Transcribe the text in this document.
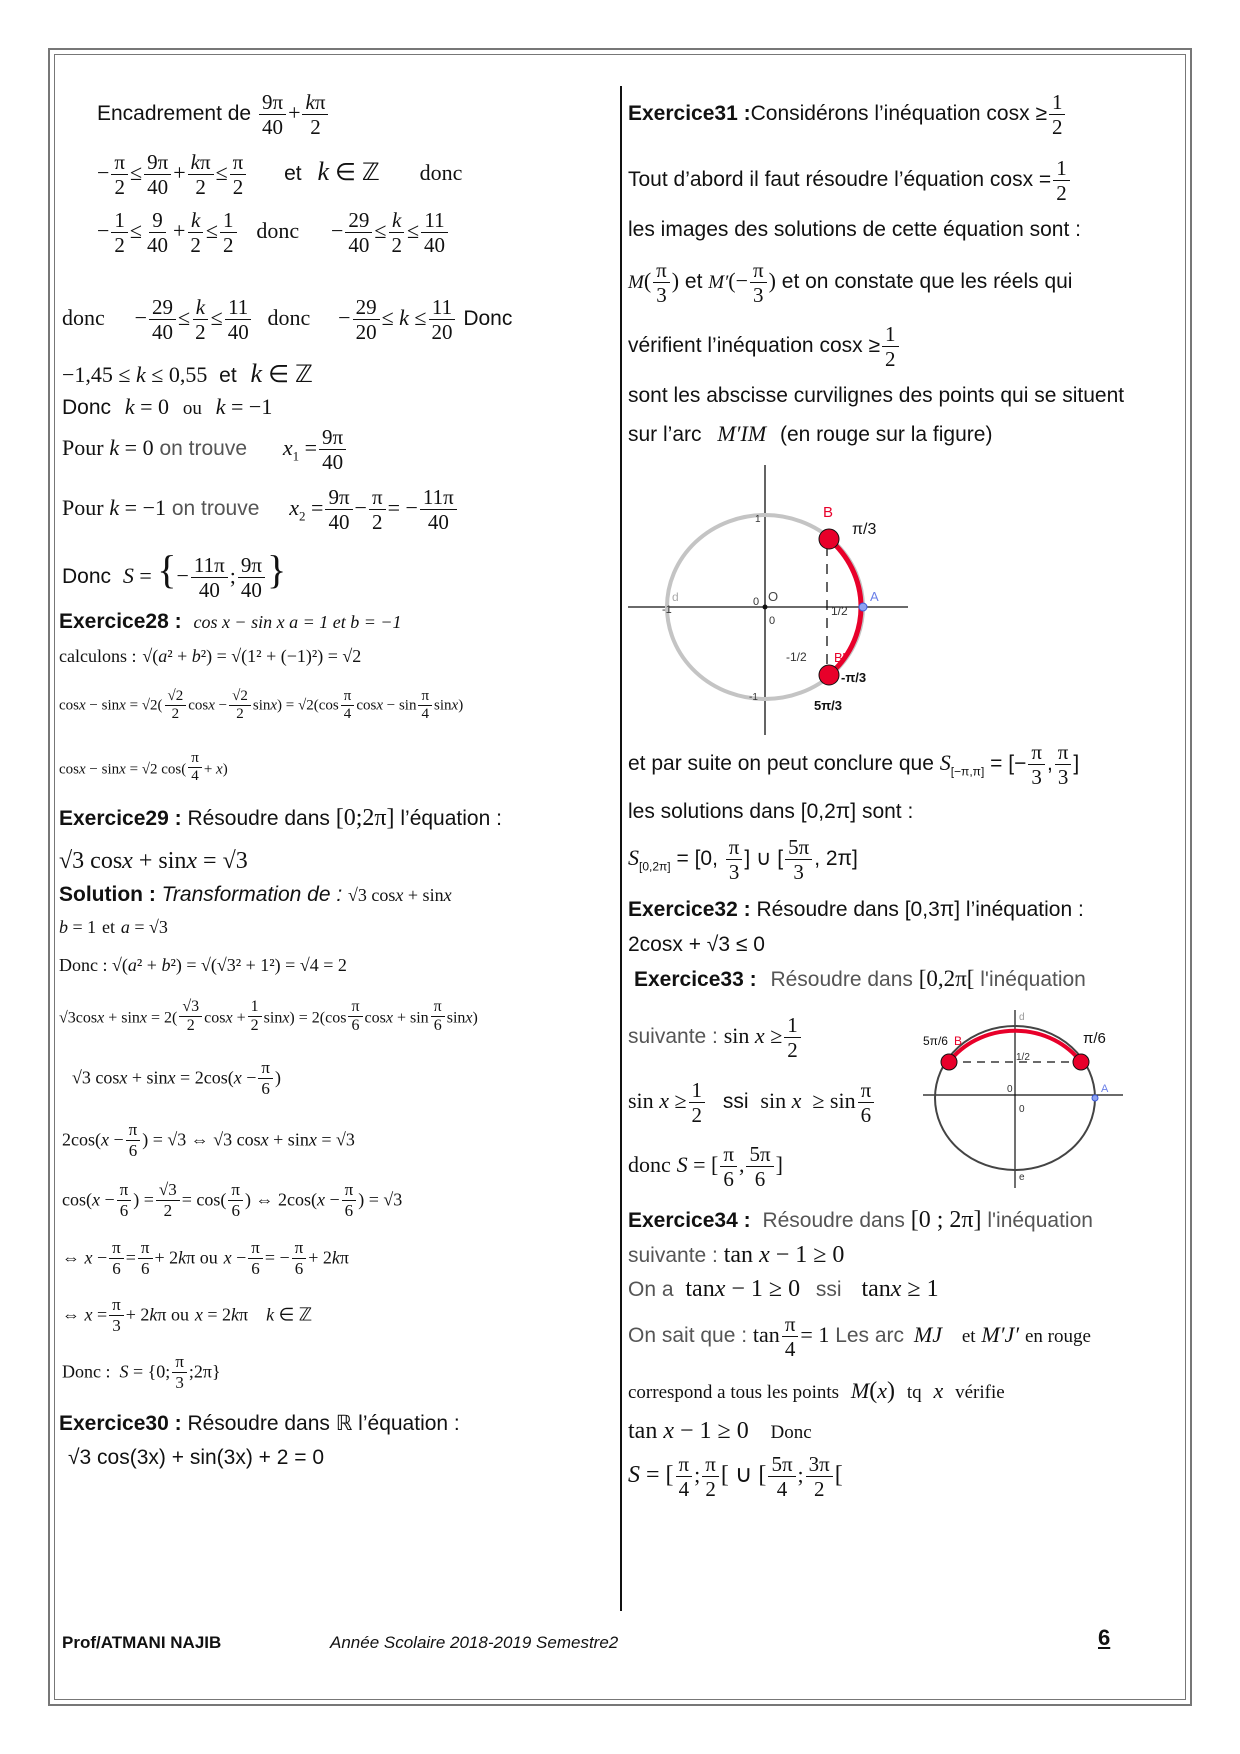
Encadrement de $\frac{9\pi}{40} + \frac{k\pi}{2}$
− $\frac{\pi}{2} \le \frac{9\pi}{40} + \frac{k\pi}{2} \le \frac{\pi}{2}$ et k ∈ ℤ donc
− $\frac{1}{2} \le \frac{9}{40} + \frac{k}{2} \le \frac{1}{2}$ donc − $\frac{29}{40} \le \frac{k}{2} \le \frac{11}{40}$
donc − $\frac{29}{40} \le \frac{k}{2} \le \frac{11}{40}$ donc − $\frac{29}{20} \le k \le \frac{11}{20}$ Donc
−1,45 ≤ k ≤ 0,55 et k ∈ ℤ
Donc k = 0 ou k = −1
Pour k = 0 on trouve $x_1 = \frac{9\pi}{40}$
Pour k = −1 on trouve $x_2 = \frac{9\pi}{40} - \frac{\pi}{2}$ = − $\frac{11\pi}{40}$
Donc S = {− $\frac{11\pi}{40}$ ; $\frac{9\pi}{40}$ }
Exercice28 : cos x − sin x a = 1 et b = −1
calculons : √(a² + b²) = √(1² + (−1)²) = √2
$\cos x - \sin x = √2( \frac{√2}{2}$ $\cos x - \frac{√2}{2} \sin x) = √2(\cos \frac{\pi}{4}$ $\cos x - \sin \frac{\pi}{4} \sin x$)
cosx − sinx = √2 $\cos( \frac{\pi}{4} + x)$
Exercice29 : Résoudre dans [0;2π] l’équation :
√3 cosx + sinx = √3
Solution : Transformation de : √3 cosx + sinx
b = 1 et a = √3
Donc : √(a² + b²) = √(√3² + 1²) = √4 = 2
$√3\cos x + \sin x = 2( \frac{√3}{2}$ $\cos x + \frac{1}{2} \sin x) = 2(\cos \frac{\pi}{6}$ $\cos x + \sin \frac{\pi}{6} \sin x$)
√3 $\cos x + \sin x = 2\cos(x - \frac{\pi}{6}$ )
$2\cos(x - \frac{\pi}{6}$ ) = √3 ⇔ √3 cosx + sinx = √3
$\cos(x - \frac{\pi}{6}$ ) = $\frac{√3}{2} = \cos( \frac{\pi}{6}$ ) ⇔ $2\cos(x - \frac{\pi}{6}$ ) = √3
⇔ $x - \frac{\pi}{6} = \frac{\pi}{6} + 2k\pi$ ou $x - \frac{\pi}{6}$ = − $\frac{\pi}{6} + 2k\pi$
⇔ $x = \frac{\pi}{3} + 2k\pi$ ou x = 2kπ    k ∈ ℤ
Donc :  S = {0; $\frac{\pi}{3}$ ;2π}
Exercice30 : Résoudre dans ℝ l’équation :
√3 cos(3x) + sin(3x) + 2 = 0
Exercice31 :Considérons l’inéquation $\cos x \ge \frac{1}{2}$
Tout d’abord il faut résoudre l’équation $\cos x = \frac{1}{2}$
les images des solutions de cette équation sont :
$M( \frac{\pi}{3}$ ) et $M'(- \frac{\pi}{3}$ ) et on constate que les réels qui
vérifient l’inéquation $\cos x \ge \frac{1}{2}$
sont les abscisse curvilignes des points qui se situent
sur l’arc M′IM (en rouge sur la figure)
B
π/3
A
O
d	0
0
1/2
-1/2 B'
-π/3
5π/3
1
-1
-1
et par suite on peut conclure que $S_{[-\pi,\pi]}$ = [− $\frac{\pi}{3}$ , $\frac{\pi}{3}$ ]
les solutions dans [0,2π] sont :
$S_{[0,2\pi]} = [0$, $\frac{\pi}{3}$ ] ∪ [ $\frac{5\pi}{3}$ , 2π]
Exercice32 : Résoudre dans [0,3π] l’inéquation :
2cosx + √3 ≤ 0
Exercice33 : Résoudre dans [0,2π[ l'inéquation
suivante : $\sin x \ge \frac{1}{2}$
$\sin x \ge \frac{1}{2}$ ssi $\sin x \ge \sin \frac{\pi}{6}$
donc S = [ $\frac{\pi}{6}$ , $\frac{5\pi}{6}$ ]
5π/6 B	π/6
1/2
A
0
0
d
e
Exercice34 : Résoudre dans [0 ; 2π] l'inéquation
suivante : tan x − 1 ≥ 0
On a tanx − 1 ≥ 0 ssi tanx ≥ 1
On sait que : $\tan \frac{\pi}{4} = 1$ Les arc MJ et M′J′ en rouge
correspond a tous les points M(x) tq x vérifie
tan x − 1 ≥ 0 Donc
S = [ $\frac{\pi}{4}$ ; $\frac{\pi}{2}$ [ ∪ [ $\frac{5\pi}{4}$ ; $\frac{3\pi}{2}$ [
Prof/ATMANI NAJIB	Année Scolaire 2018-2019 Semestre2	6
